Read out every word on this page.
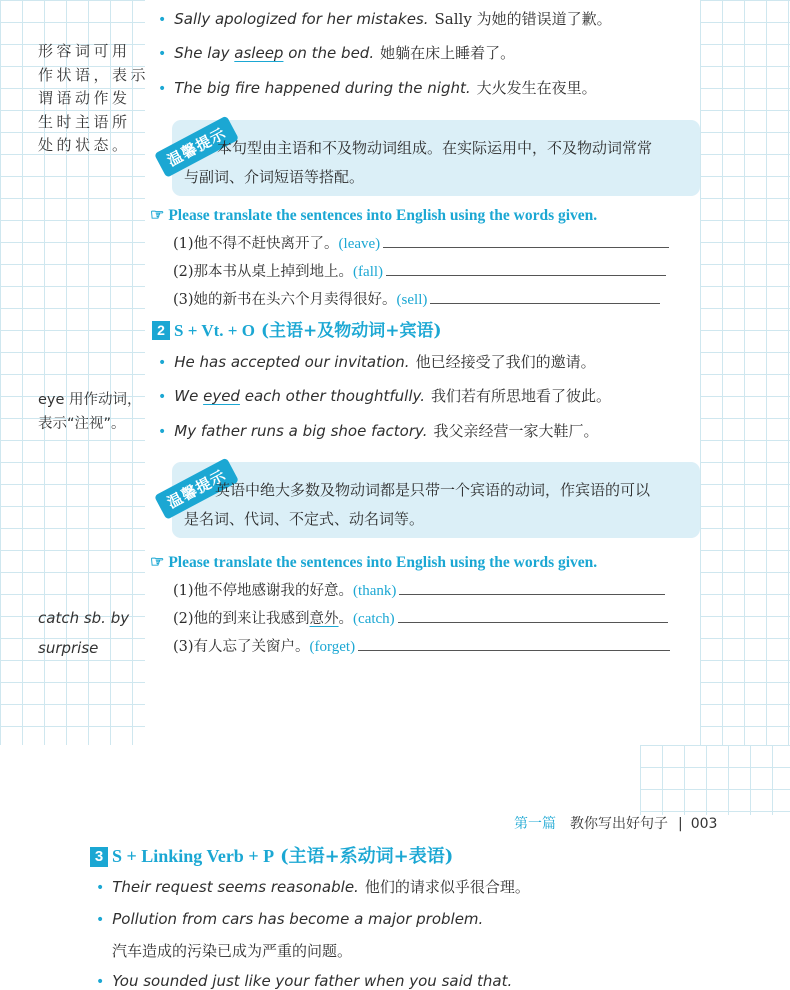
形容词可用
作状语，表示
谓语动作发
生时主语所
处的状态。
eye 用作动词，
表示“注视”。
catch sb. by
surprise
• Sally apologized for her mistakes. Sally 为她的错误道了歉。
• She lay asleep on the bed. 她躺在床上睡着了。
• The big fire happened during the night. 大火发生在夜里。
温馨提示

本句型由主语和不及物动词组成。在实际运用中，不及物动词常常

与副词、介词短语等搭配。

☞ Please translate the sentences into English using the words given.
(1)他不得不赶快离开了。(leave)
(2)那本书从桌上掉到地上。(fall)
(3)她的新书在头六个月卖得很好。(sell)
2 S + Vt. + O (主语+及物动词+宾语)
• He has accepted our invitation. 他已经接受了我们的邀请。
• We eyed each other thoughtfully. 我们若有所思地看了彼此。
• My father runs a big shoe factory. 我父亲经营一家大鞋厂。
温馨提示

英语中绝大多数及物动词都是只带一个宾语的动词，作宾语的可以

是名词、代词、不定式、动名词等。

☞ Please translate the sentences into English using the words given.
(1)他不停地感谢我的好意。(thank)
(2)他的到来让我感到意外。(catch)
(3)有人忘了关窗户。(forget)
第一篇 教你写出好句子 | 003
3 S + Linking Verb + P (主语+系动词+表语)
• Their request seems reasonable. 他们的请求似乎很合理。
• Pollution from cars has become a major problem.
汽车造成的污染已成为严重的问题。
• You sounded just like your father when you said that.
